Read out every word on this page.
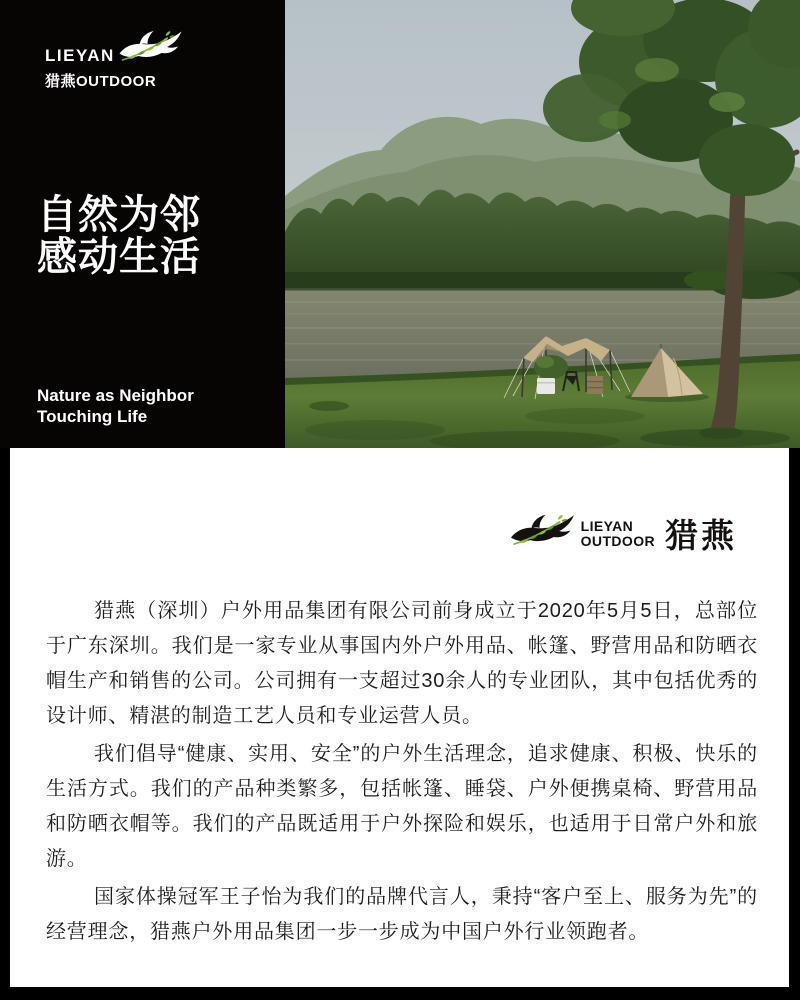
LIEYAN
猎燕OUTDOOR
自然为邻
感动生活
Nature as Neighbor
Touching Life
LIEYAN
OUTDOOR 猎燕

猎燕（深圳）户外用品集团有限公司前身成立于2020年5月5日，总部位于广东深圳。我们是一家专业从事国内外户外用品、帐篷、野营用品和防晒衣帽生产和销售的公司。公司拥有一支超过30余人的专业团队，其中包括优秀的设计师、精湛的制造工艺人员和专业运营人员。

我们倡导“健康、实用、安全”的户外生活理念，追求健康、积极、快乐的生活方式。我们的产品种类繁多，包括帐篷、睡袋、户外便携桌椅、野营用品和防晒衣帽等。我们的产品既适用于户外探险和娱乐，也适用于日常户外和旅游。

国家体操冠军王子怡为我们的品牌代言人，秉持“客户至上、服务为先”的经营理念，猎燕户外用品集团一步一步成为中国户外行业领跑者。
